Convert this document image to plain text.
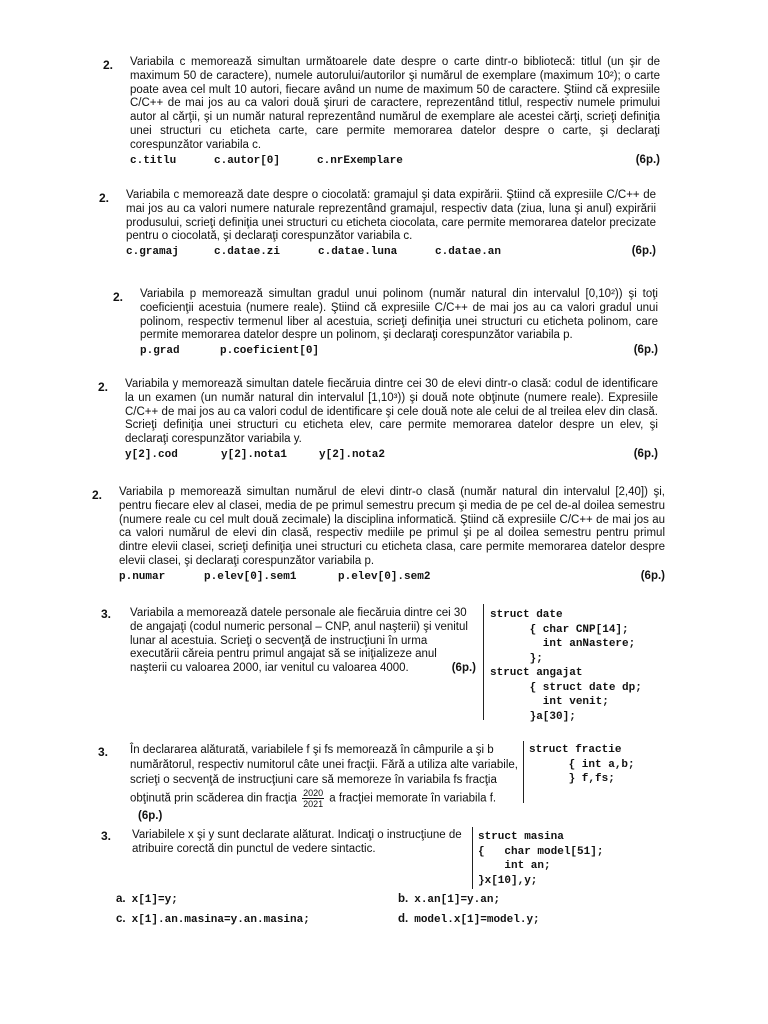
2. Variabila c memorează simultan următoarele date despre o carte dintr-o bibliotecă: titlul (un şir de maximum 50 de caractere), numele autorului/autorilor şi numărul de exemplare (maximum 10²); o carte poate avea cel mult 10 autori, fiecare având un nume de maximum 50 de caractere. Ştiind că expresiile C/C++ de mai jos au ca valori două şiruri de caractere, reprezentând titlul, respectiv numele primului autor al cărţii, şi un număr natural reprezentând numărul de exemplare ale acestei cărţi, scrieţi definiţia unei structuri cu eticheta carte, care permite memorarea datelor despre o carte, şi declaraţi corespunzător variabila c.
c.titlu	c.autor[0]	c.nrExemplare	(6p.)
2. Variabila c memorează date despre o ciocolată: gramajul şi data expirării. Ştiind că expresiile C/C++ de mai jos au ca valori numere naturale reprezentând gramajul, respectiv data (ziua, luna şi anul) expirării produsului, scrieţi definiţia unei structuri cu eticheta ciocolata, care permite memorarea datelor precizate pentru o ciocolată, şi declaraţi corespunzător variabila c.
c.gramaj	c.datae.zi	c.datae.luna	c.datae.an	(6p.)
2. Variabila p memorează simultan gradul unui polinom (număr natural din intervalul [0,10²)) şi toţi coeficienţii acestuia (numere reale). Ştiind că expresiile C/C++ de mai jos au ca valori gradul unui polinom, respectiv termenul liber al acestuia, scrieţi definiţia unei structuri cu eticheta polinom, care permite memorarea datelor despre un polinom, şi declaraţi corespunzător variabila p.
p.grad	p.coeficient[0]	(6p.)
2. Variabila y memorează simultan datele fiecăruia dintre cei 30 de elevi dintr-o clasă: codul de identificare la un examen (un număr natural din intervalul [1,10³)) şi două note obţinute (numere reale). Expresiile C/C++ de mai jos au ca valori codul de identificare şi cele două note ale celui de al treilea elev din clasă. Scrieţi definiţia unei structuri cu eticheta elev, care permite memorarea datelor despre un elev, şi declaraţi corespunzător variabila y.
y[2].cod	y[2].nota1	y[2].nota2	(6p.)
2. Variabila p memorează simultan numărul de elevi dintr-o clasă (număr natural din intervalul [2,40]) şi, pentru fiecare elev al clasei, media de pe primul semestru precum şi media de pe cel de-al doilea semestru (numere reale cu cel mult două zecimale) la disciplina informatică. Ştiind că expresiile C/C++ de mai jos au ca valori numărul de elevi din clasă, respectiv mediile pe primul şi pe al doilea semestru pentru primul dintre elevii clasei, scrieţi definiţia unei structuri cu eticheta clasa, care permite memorarea datelor despre elevii clasei, şi declaraţi corespunzător variabila p.
p.numar	p.elev[0].sem1	p.elev[0].sem2	(6p.)
3. Variabila a memorează datele personale ale fiecăruia dintre cei 30 de angajaţi (codul numeric personal – CNP, anul naşterii) şi venitul lunar al acestuia. Scrieţi o secvenţă de instrucţiuni în urma executării căreia pentru primul angajat să se iniţializeze anul naşterii cu valoarea 2000, iar venitul cu valoarea 4000.	(6p.)
struct date
{ char CNP[14];
int anNastere;
};
struct angajat
{ struct date dp;
int venit;
}a[30];
3. În declararea alăturată, variabilele f şi fs memorează în câmpurile a şi b numărătorul, respectiv numitorul câte unei fracţii. Fără a utiliza alte variabile, scrieţi o secvenţă de instrucţiuni care să memoreze în variabila fs fracţia obţinută prin scăderea din fracţia $\frac{2020}{2021}$ a fracţiei memorate în variabila f. (6p.)
struct fractie
{ int a,b;
} f,fs;
3. Variabilele x şi y sunt declarate alăturat. Indicaţi o instrucţiune de atribuire corectă din punctul de vedere sintactic.
struct masina
{   char model[51];
int an;
}x[10],y;
a. x[1]=y;	b. x.an[1]=y.an;
c. x[1].an.masina=y.an.masina;	d. model.x[1]=model.y;
